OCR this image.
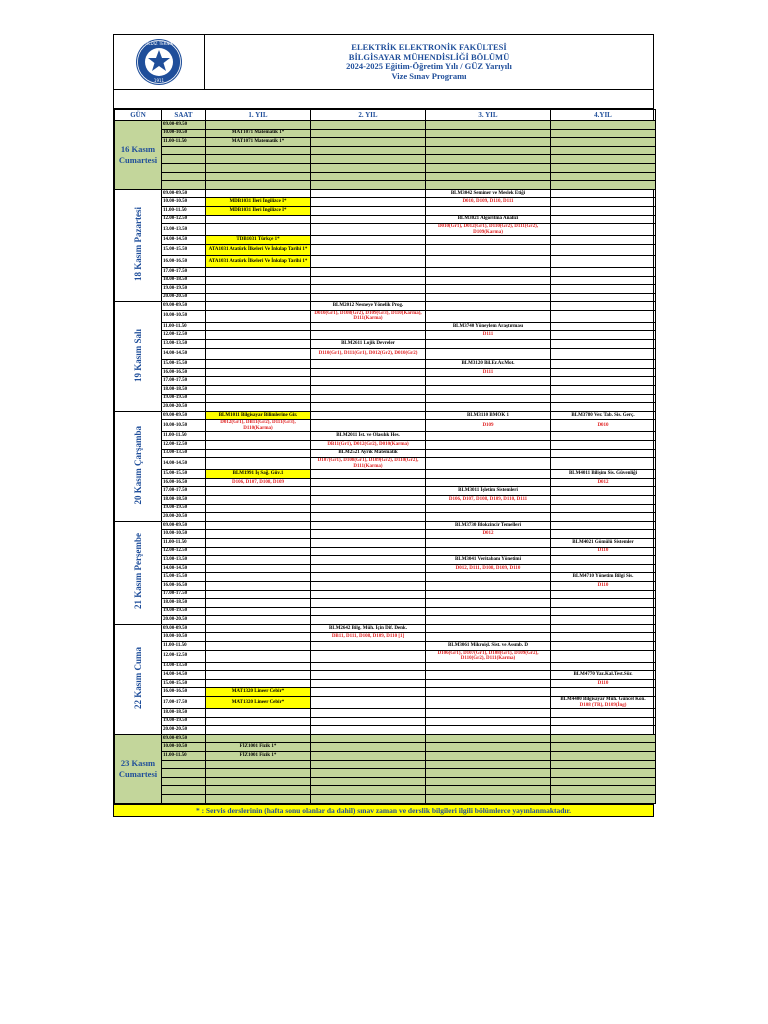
YILDIZ TEKNİK
1911
ELEKTRİK ELEKTRONİK FAKÜLTESİ
BİLGİSAYAR MÜHENDİSLİĞİ BÖLÜMÜ
2024-2025 Eğitim-Öğretim Yılı / GÜZ Yarıyılı
Vize Sınav Programı
GÜN	SAAT	1. YIL	2. YIL	3. YIL	4.YIL
16 Kasım Cumartesi	09.00-09.50				
	10.00-10.50	MAT1071 Matematik 1*			

	11.00-11.50	MAT1071 Matematik 1*			

18 Kasım Pazartesi	09.00-09.50			BLM3042 Seminer ve Meslek Etiği	

	10.00-10.50	MDB1031 İleri İngilizce I*		D010, D109, D110, D111	

	11.00-11.50	MDB1031 İleri İngilizce I*			

	12.00-12.50			BLM3021 Algoritma Analizi	

	13.00-13.50			D010(Gr1), D012(Gr1), D110(Gr2), D111(Gr2), D109(Karma)	

	14.00-14.50	TDB1031 Türkçe 1*			

	15.00-15.50	ATA1031 Atatürk İlkeleri Ve İnkılap Tarihi 1*			

	16.00-16.50	ATA1031 Atatürk İlkeleri Ve İnkılap Tarihi 1*			

	17.00-17.50				
	18.00-18.50				
	19.00-19.50				
	20.00-20.50				
19 Kasım Salı	09.00-09.50		BLM2012 Nesneye Yönelik Prog.		

	10.00-10.50		D010(Gr1), D108(Gr2), D109(Gr3), D110(Karma), D111(Karma)		

	11.00-11.50			BLM3740 Yöneylem Araştırması	

	12.00-12.50			D111	

	13.00-13.50		BLM2611 Lojik Devreler		

	14.00-14.50		D110(Gr1), D111(Gr1), D012(Gr2), D010(Gr2)		

	15.00-15.50			BLM3120 Bil.Er.Ar.Mot.	

	16.00-16.50			D111	

	17.00-17.50				
	18.00-18.50				
	19.00-19.50				
	20.00-20.50				
20 Kasım Çarşamba	09.00-09.50	BLM1011 Bilgisayar Bilimlerine Gir.		BLM3110 BMÖK 1	BLM3780 Ver. Tab. Sis. Gerç.

	10.00-10.50	D012(Gr1), DB11(Gr2), D111(Gr3), D110(Karma)		D109	D010

	11.00-11.50		BLM2011 İst. ve Olasılık Hes.		

	12.00-12.50		DB11(Gr1), D012(Gr2), D010(Karma)		

	13.00-13.50		BLM2521 Ayrık Matematik		

	14.00-14.50		D107(Gr1), D108(Gr1), D109(Gr2), D110(Gr2), D111(Karma)		

	15.00-15.50	BLM1991 İş Sağ. Güv.1			BLM4011 Bilişim Sis. Güvenliği

	16.00-16.50	D106, D107, D108, D109			D012

	17.00-17.50			BLM3011 İşletim Sistemleri	

	18.00-18.50			D106, D107, D108, D109, D110, D111	

	19.00-19.50				
	20.00-20.50				
21 Kasım Perşembe	09.00-09.50			BLM3730 Blokzincir Temelleri	

	10.00-10.50			D012	

	11.00-11.50				BLM4021 Gömülü Sistemler

	12.00-12.50				D110

	13.00-13.50			BLM3041 Veritabanı Yönetimi	

	14.00-14.50			D012, D111, D108, D109, D110	

	15.00-15.50				BLM4710 Yönetim Bilgi Sis.

	16.00-16.50				D110

	17.00-17.50				
	18.00-18.50				
	19.00-19.50				
	20.00-20.50				
22 Kasım Cuma	09.00-09.50		BLM2642 Bilg. Müh. İçin Dif. Denk.		

	10.00-10.50		DB11, D111, D108, D109, D110 [1]		

	11.00-11.50			BLM3061 Mikroişl. Sist. ve Assmb. D	

	12.00-12.50			D106(Gr1), D107(Gr1), D108(Gr1), D109(Gr2), D110(Gr2), D111(Karma)	

	13.00-13.50				
	14.00-14.50				BLM4770 Yaz.Kal.Test.Sür.

	15.00-15.50				D110

	16.00-16.50	MAT1320 Lineer Cebir*			

	17.00-17.50	MAT1320 Lineer Cebir*			BLM4400 Bilgisayar Müh. Güncel Kon.
D108 (TR), D109(İng)

	18.00-18.50				
	19.00-19.50				
	20.00-20.50				
23 Kasım Cumartesi	09.00-09.50				
	10.00-10.50	FİZ1001 Fizik 1*			

	11.00-11.50	FİZ1001 Fizik 1*			

* : Servis derslerinin (hafta sonu olanlar da dahil) sınav zaman ve derslik bilgileri ilgili bölümlerce yayınlanmaktadır.
